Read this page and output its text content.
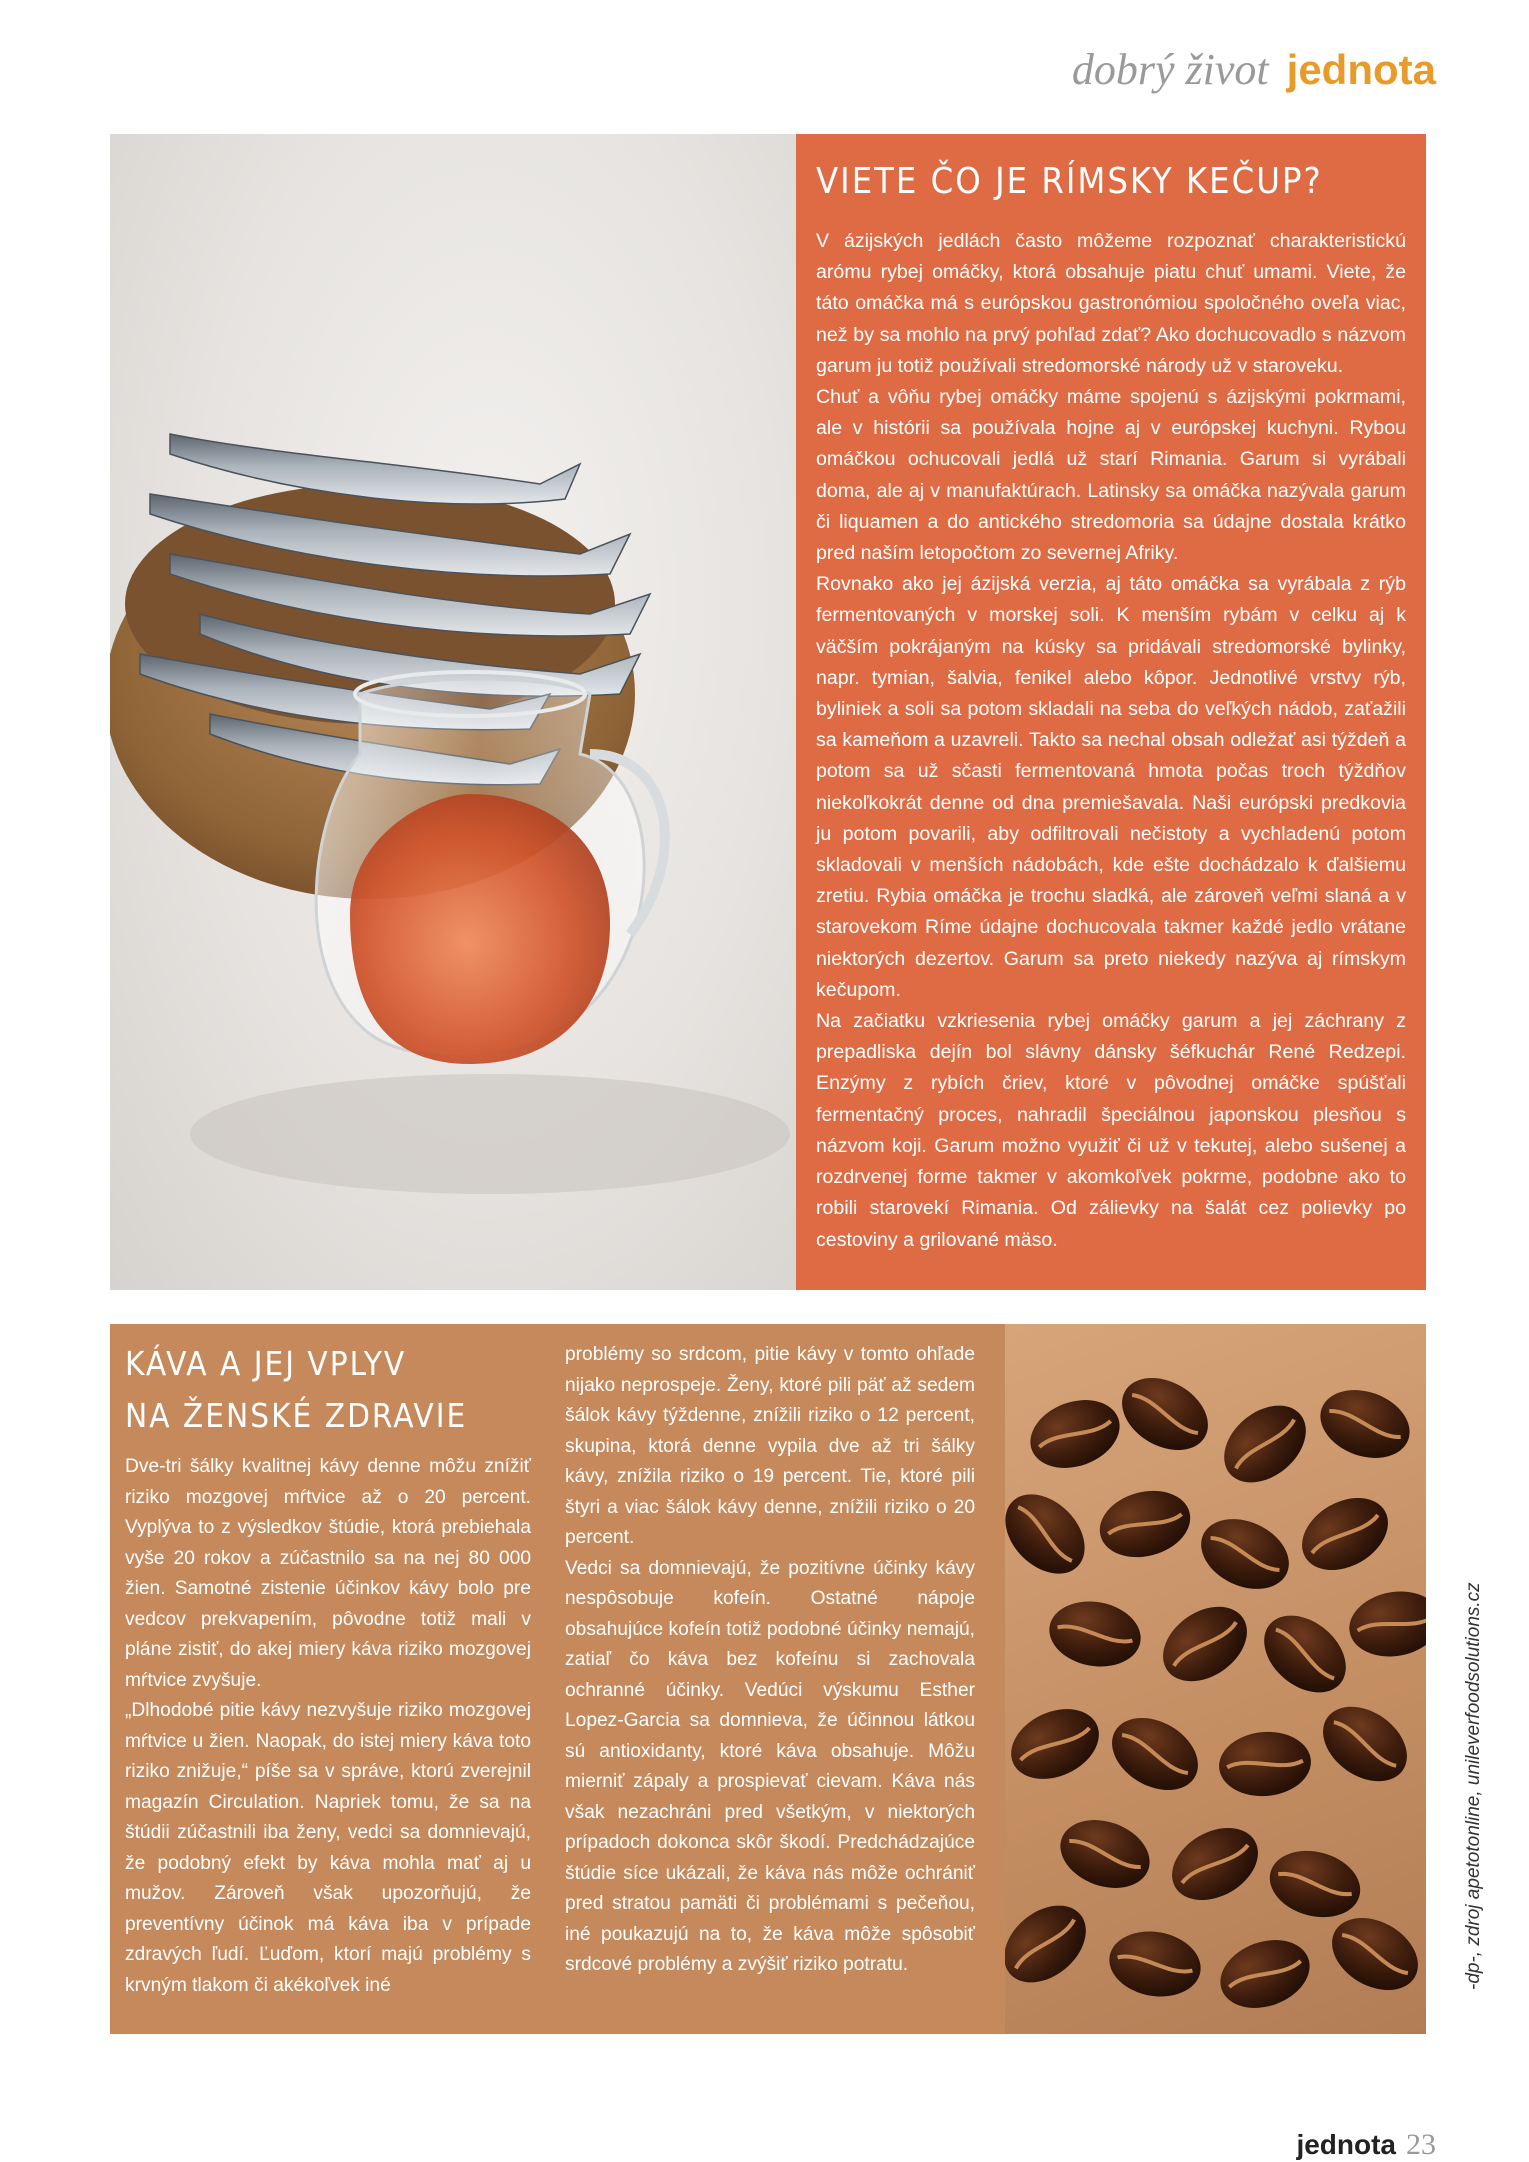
dobrý život jednota
VIETE ČO JE RÍMSKY KEČUP?

V ázijských jedlách často môžeme rozpoznať charakteristickú arómu rybej omáčky, ktorá obsahuje piatu chuť umami. Viete, že táto omáčka má s európskou gastronómiou spoločného oveľa viac, než by sa mohlo na prvý pohľad zdať? Ako dochucovadlo s názvom garum ju totiž používali stredomorské národy už v staroveku.

Chuť a vôňu rybej omáčky máme spojenú s ázijskými pokrmami, ale v histórii sa používala hojne aj v európskej kuchyni. Rybou omáčkou ochucovali jedlá už starí Rimania. Garum si vyrábali doma, ale aj v manufaktúrach. Latinsky sa omáčka nazývala garum či liquamen a do antického stredomoria sa údajne dostala krátko pred naším letopočtom zo severnej Afriky.

Rovnako ako jej ázijská verzia, aj táto omáčka sa vyrábala z rýb fermentovaných v morskej soli. K menším rybám v celku aj k väčším pokrájaným na kúsky sa pridávali stredomorské bylinky, napr. tymian, šalvia, fenikel alebo kôpor. Jednotlivé vrstvy rýb, byliniek a soli sa potom skladali na seba do veľkých nádob, zaťažili sa kameňom a uzavreli. Takto sa nechal obsah odležať asi týždeň a potom sa už sčasti fermentovaná hmota počas troch týždňov niekoľkokrát denne od dna premiešavala. Naši európski predkovia ju potom povarili, aby odfiltrovali nečistoty a vychladenú potom skladovali v menších nádobách, kde ešte dochádzalo k ďalšiemu zretiu. Rybia omáčka je trochu sladká, ale zároveň veľmi slaná a v starovekom Ríme údajne dochucovala takmer každé jedlo vrátane niektorých dezertov. Garum sa preto niekedy nazýva aj rímskym kečupom.

Na začiatku vzkriesenia rybej omáčky garum a jej záchrany z prepadliska dejín bol slávny dánsky šéfkuchár René Redzepi. Enzýmy z rybích čriev, ktoré v pôvodnej omáčke spúšťali fermentačný proces, nahradil špeciálnou japonskou plesňou s názvom koji. Garum možno využiť či už v tekutej, alebo sušenej a rozdrvenej forme takmer v akomkoľvek pokrme, podobne ako to robili starovekí Rimania. Od zálievky na šalát cez polievky po cestoviny a grilované mäso.

KÁVA A JEJ VPLYV
NA ŽENSKÉ ZDRAVIE

Dve-tri šálky kvalitnej kávy denne môžu znížiť riziko mozgovej mŕtvice až o 20 percent. Vyplýva to z výsledkov štúdie, ktorá prebiehala vyše 20 rokov a zúčastnilo sa na nej 80 000 žien. Samotné zistenie účinkov kávy bolo pre vedcov prekvapením, pôvodne totiž mali v pláne zistiť, do akej miery káva riziko mozgovej mŕtvice zvyšuje.

„Dlhodobé pitie kávy nezvyšuje riziko mozgovej mŕtvice u žien. Naopak, do istej miery káva toto riziko znižuje,“ píše sa v správe, ktorú zverejnil magazín Circulation. Napriek tomu, že sa na štúdii zúčastnili iba ženy, vedci sa domnievajú, že podobný efekt by káva mohla mať aj u mužov. Zároveň však upozorňujú, že preventívny účinok má káva iba v prípade zdravých ľudí. Ľuďom, ktorí majú problémy s krvným tlakom či akékoľvek iné

problémy so srdcom, pitie kávy v tomto ohľade nijako neprospeje. Ženy, ktoré pili päť až sedem šálok kávy týždenne, znížili riziko o 12 percent, skupina, ktorá denne vypila dve až tri šálky kávy, znížila riziko o 19 percent. Tie, ktoré pili štyri a viac šálok kávy denne, znížili riziko o 20 percent.

Vedci sa domnievajú, že pozitívne účinky kávy nespôsobuje kofeín. Ostatné nápoje obsahujúce kofeín totiž podobné účinky nemajú, zatiaľ čo káva bez kofeínu si zachovala ochranné účinky. Vedúci výskumu Esther Lopez-Garcia sa domnieva, že účinnou látkou sú antioxidanty, ktoré káva obsahuje. Môžu mierniť zápaly a prospievať cievam. Káva nás však nezachráni pred všetkým, v niektorých prípadoch dokonca skôr škodí. Predchádzajúce štúdie síce ukázali, že káva nás môže ochrániť pred stratou pamäti či problémami s pečeňou, iné poukazujú na to, že káva môže spôsobiť srdcové problémy a zvýšiť riziko potratu.	-dp-, zdroj apetotonline, unileverfoodsolutions.cz
jednota 23
